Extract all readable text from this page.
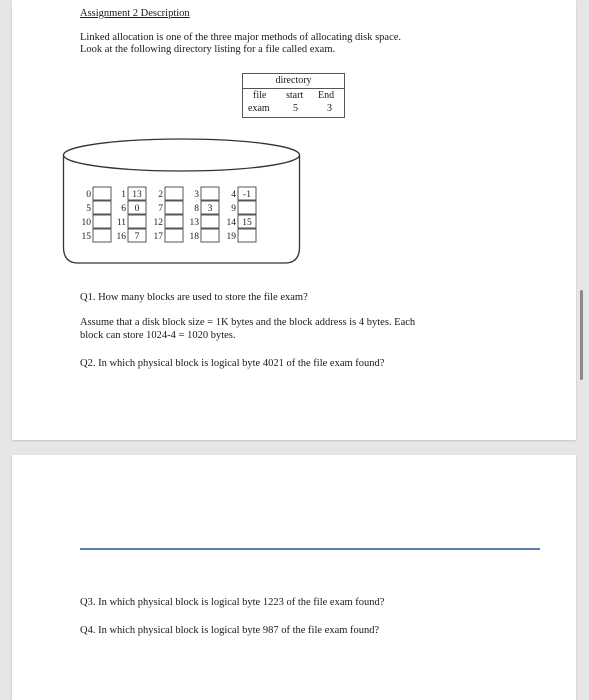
Assignment 2 Description
Linked allocation is one of the three major methods of allocating disk space.
Look at the following directory listing for a file called exam.
directory
file start End
exam 5	3
0	1 13 2	3	4 -1
5	6 0 7	8 3 9
10	11	12	13	14 15
15	16 7 17	18	19
Q1. How many blocks are used to store the file exam?
Assume that a disk block size = 1K bytes and the block address is 4 bytes. Each
block can store 1024-4 = 1020 bytes.
Q2. In which physical block is logical byte 4021 of the file exam found?
Q3. In which physical block is logical byte 1223 of the file exam found?
Q4. In which physical block is logical byte 987 of the file exam found?
